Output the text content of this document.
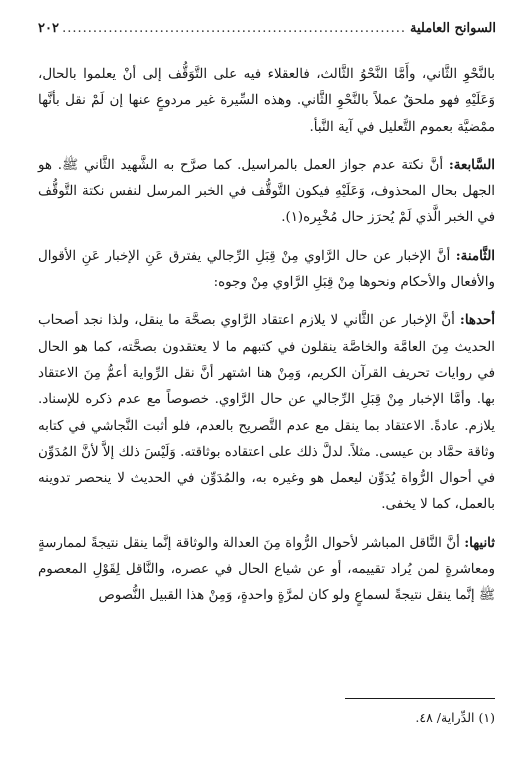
السوانح العاملية
.....
٢٠٢

بالنَّحْوِ الثَّاني، وأَمَّا النَّحْوُ الثَّالث، فالعقلاء فيه على التَّوَقُّف إلى أنْ يعلموا بالحال، وَعَلَيْهِ فهو ملحقٌ عملاً بالنَّحْوِ الثَّاني. وهذه السِّيرة غير مردوعٍ عنها إن لَمْ نقل بأنَّها ممْضيَّة بعموم التَّعليل في آية النَّبأ.

السَّابعة: أنَّ نكتة عدم جواز العمل بالمراسيل. كما صرَّح به الشَّهيد الثَّاني ﷺ. هو الجهل بحال المحذوف، وَعَلَيْهِ فيكون التَّوقُّف في الخبر المرسل لنفس نكتة التَّوقُّف في الخبر الَّذي لَمْ يُحرَز حال مُخْبِره(١).

الثَّامنة: أنَّ الإخبار عن حال الرَّاوي مِنْ قِبَلِ الرِّجالي يفترق عَنِ الإخبار عَنِ الأقوال والأفعال والأحكام ونحوها مِنْ قِبَلِ الرَّاوي مِنْ وجوه:

أحدها: أنَّ الإخبار عن الثَّاني لا يلازم اعتقاد الرَّاوي بصحَّة ما ينقل، ولذا نجد أصحاب الحديث مِنَ العامَّة والخاصَّة ينقلون في كتبهم ما لا يعتقدون بصحَّته، كما هو الحال في روايات تحريف القرآن الكريم، وَمِنْ هنا اشتهر أنَّ نقل الرِّواية أعمُّ مِنَ الاعتقاد بها. وأمَّا الإخبار مِنْ قِبَلِ الرِّجالي عن حال الرَّاوي. خصوصاً مع عدم ذكره للإسناد. يلازم. عادةً. الاعتقاد بما ينقل مع عدم التَّصريح بالعدم، فلو أثبت النَّجاشي في كتابه وثاقة حمَّاد بن عيسى. مثلاً. لدلَّ ذلك على اعتقاده بوثاقته. وَلَيْسَ ذلك إلاَّ لأنَّ المُدَوِّن في أحوال الرُّواة يُدَوِّن ليعمل هو وغيره به، والمُدَوِّن في الحديث لا ينحصر تدوينه بالعمل، كما لا يخفى.

ثانيها: أنَّ النَّاقل المباشر لأحوال الرُّواة مِنَ العدالة والوثاقة إنَّما ينقل نتيجةً لممارسةٍ ومعاشرةٍ لمن يُراد تقييمه، أو عن شياع الحال في عصره، والنَّاقل لِقَوْلِ المعصوم ﷺ إنَّما ينقل نتيجةً لسماعٍ ولو كان لمرَّةٍ واحدةٍ، وَمِنْ هذا القبيل النُّصوص

(١) الدِّراية/ ٤٨.
